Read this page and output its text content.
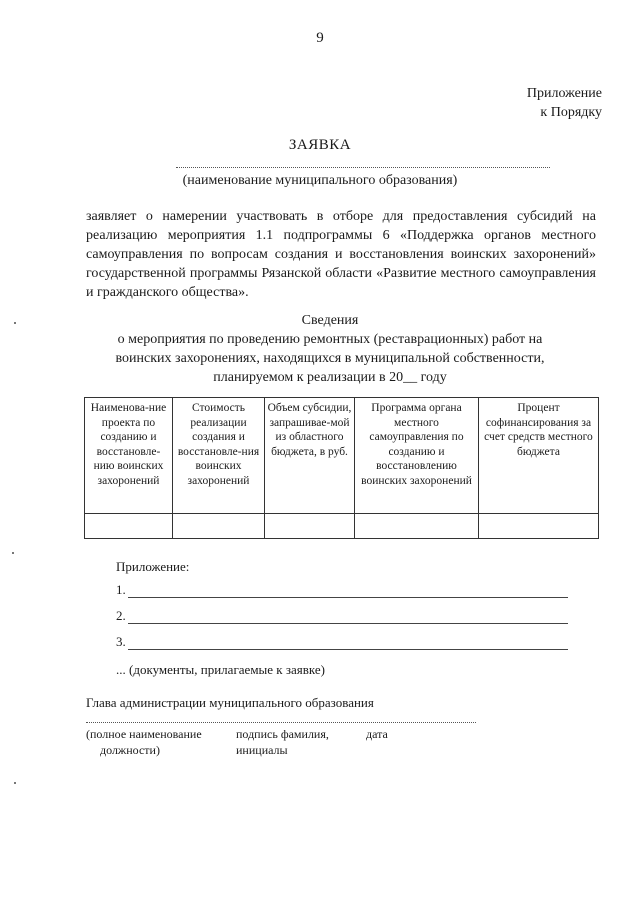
9
Приложение
к Порядку
ЗАЯВКА
(наименование муниципального образования)
заявляет о намерении участвовать в отборе для предоставления субсидий на реализацию мероприятия 1.1 подпрограммы 6 «Поддержка органов местного самоуправления по вопросам создания и восстановления воинских захоронений» государственной программы Рязанской области «Развитие местного самоуправления и гражданского общества».
Сведения
о мероприятия по проведению ремонтных (реставрационных) работ на
воинских захоронениях, находящихся в муниципальной собственности,
планируемом к реализации в 20__ году
Наименова-ние проекта по созданию и восстановле-нию воинских захоронений	Стоимость реализации создания и восстановле-ния воинских захоронений	Объем субсидии, запрашивае-мой из областного бюджета, в руб.	Программа органа местного самоуправления по созданию и восстановлению воинских захоронений	Процент софинансирования за счет средств местного бюджета

Приложение:
1.
2.
3.
... (документы, прилагаемые к заявке)
Глава администрации муниципального образования
(полное наименование
должности)
подпись фамилия,
инициалы
дата
